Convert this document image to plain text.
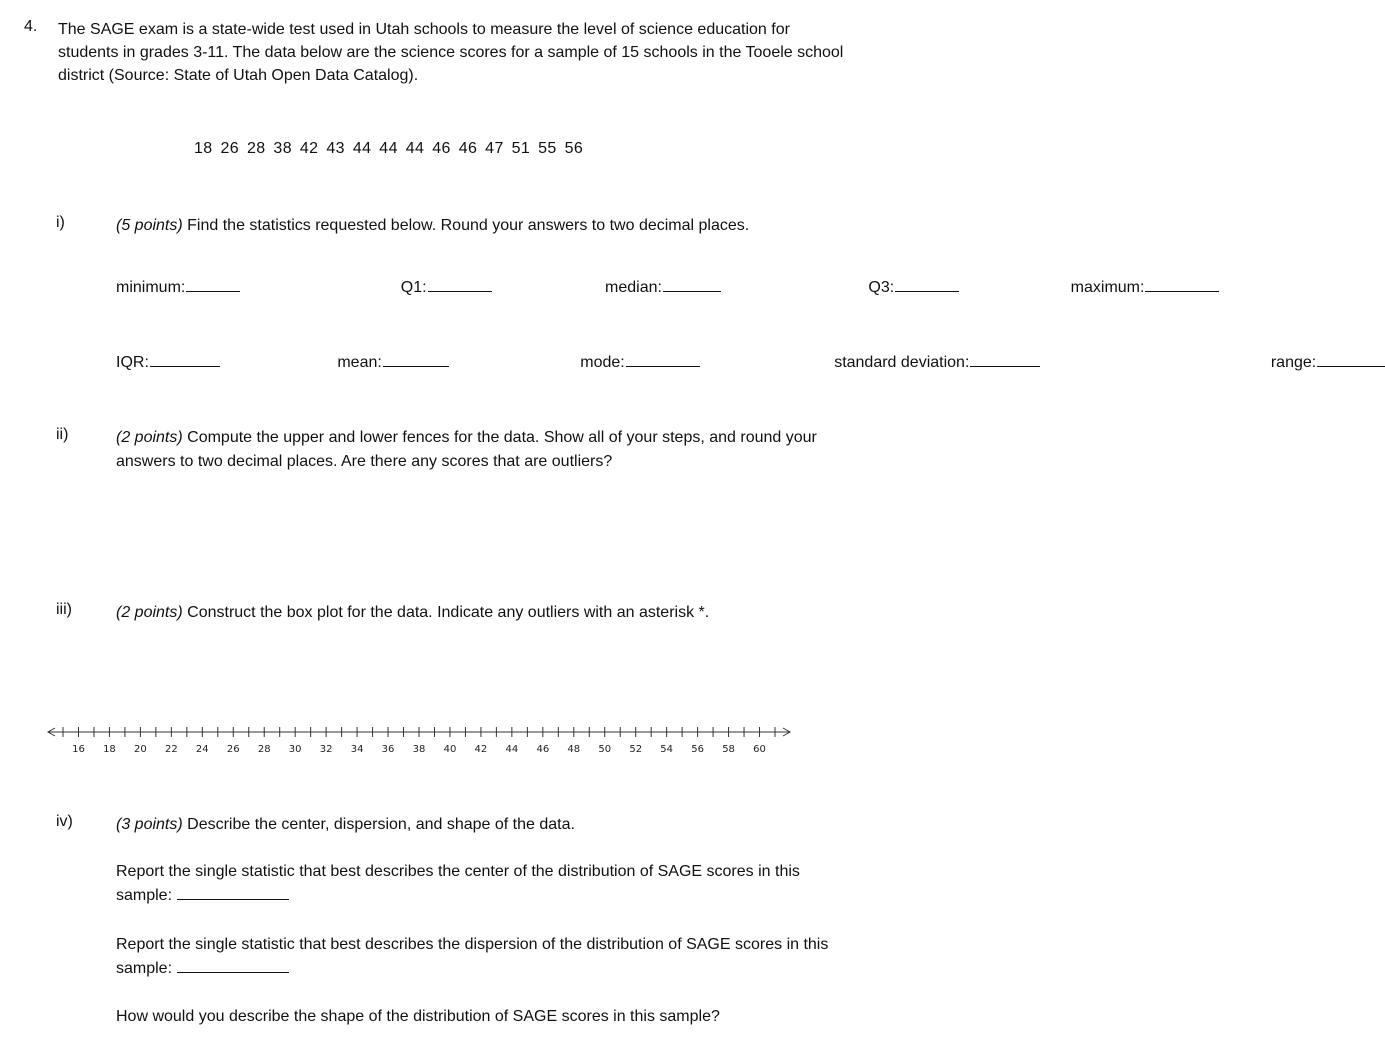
4. The SAGE exam is a state-wide test used in Utah schools to measure the level of science education for students in grades 3-11. The data below are the science scores for a sample of 15 schools in the Tooele school district (Source: State of Utah Open Data Catalog).
18 26 28 38 42 43 44 44 44 46 46 47 51 55 56
i)	(5 points) Find the statistics requested below. Round your answers to two decimal places.
minimum:	Q1:	median:	Q3:	maximum:
IQR:	mean:	mode:	standard deviation:	range:
ii)	(2 points) Compute the upper and lower fences for the data. Show all of your steps, and round your answers to two decimal places. Are there any scores that are outliers?
iii)	(2 points) Construct the box plot for the data. Indicate any outliers with an asterisk *.
16 18 20 22 24 26 28 30 32 34 36 38 40 42 44 46 48 50 52 54 56 58 60
iv)	(3 points) Describe the center, dispersion, and shape of the data.
Report the single statistic that best describes the center of the distribution of SAGE scores in this sample:
Report the single statistic that best describes the dispersion of the distribution of SAGE scores in this sample:
How would you describe the shape of the distribution of SAGE scores in this sample?
